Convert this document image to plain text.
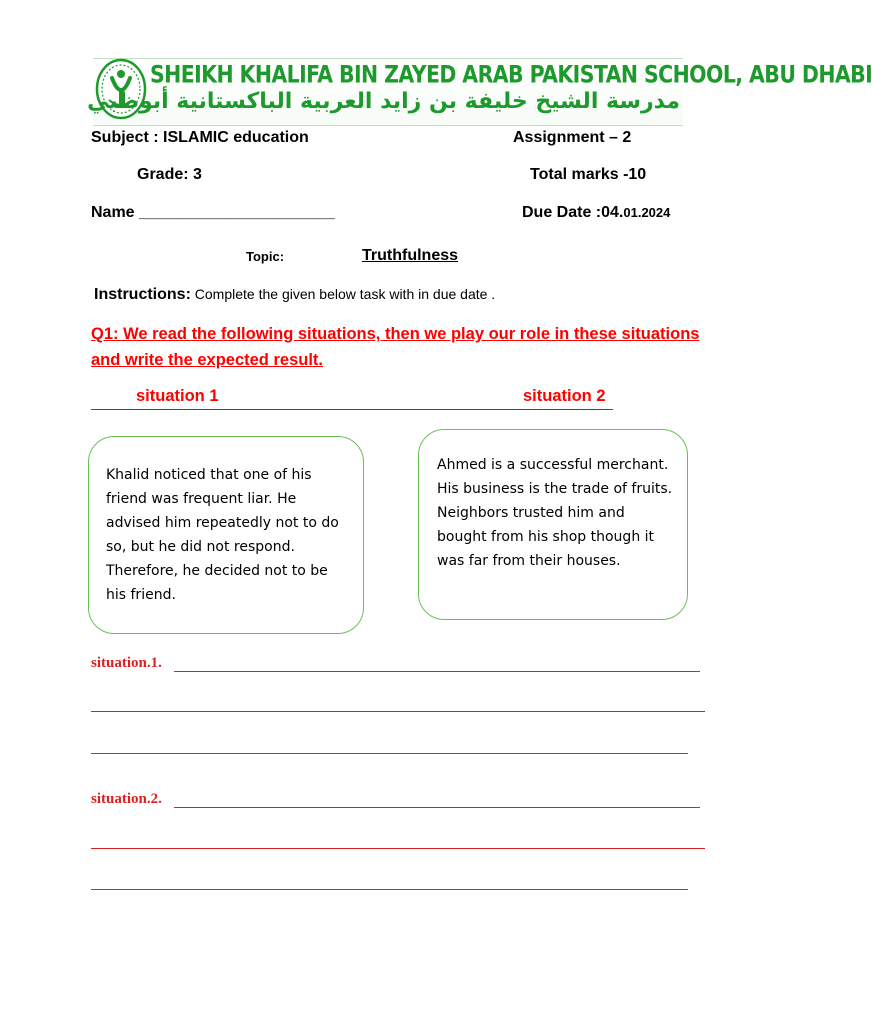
SHEIKH KHALIFA BIN ZAYED ARAB PAKISTAN SCHOOL, ABU DHABI
مدرسة الشيخ خليفة بن زايد العربية الباكستانية أبوظبي
Subject : ISLAMIC education	Assignment – 2
Grade: 3	Total marks -10
Name ______________________	Due Date :04.01.2024
Topic:	Truthfulness
Instructions: Complete the given below task with in due date .
Q1: We read the following situations, then we play our role in these situations and write the expected result.
situation 1	situation 2
Khalid noticed that one of his friend was frequent liar. He advised him repeatedly not to do so, but he did not respond. Therefore, he decided not to be his friend.
Ahmed is a successful merchant. His business is the trade of fruits. Neighbors trusted him and bought from his shop though it was far from their houses.
situation.1.
situation.2.
